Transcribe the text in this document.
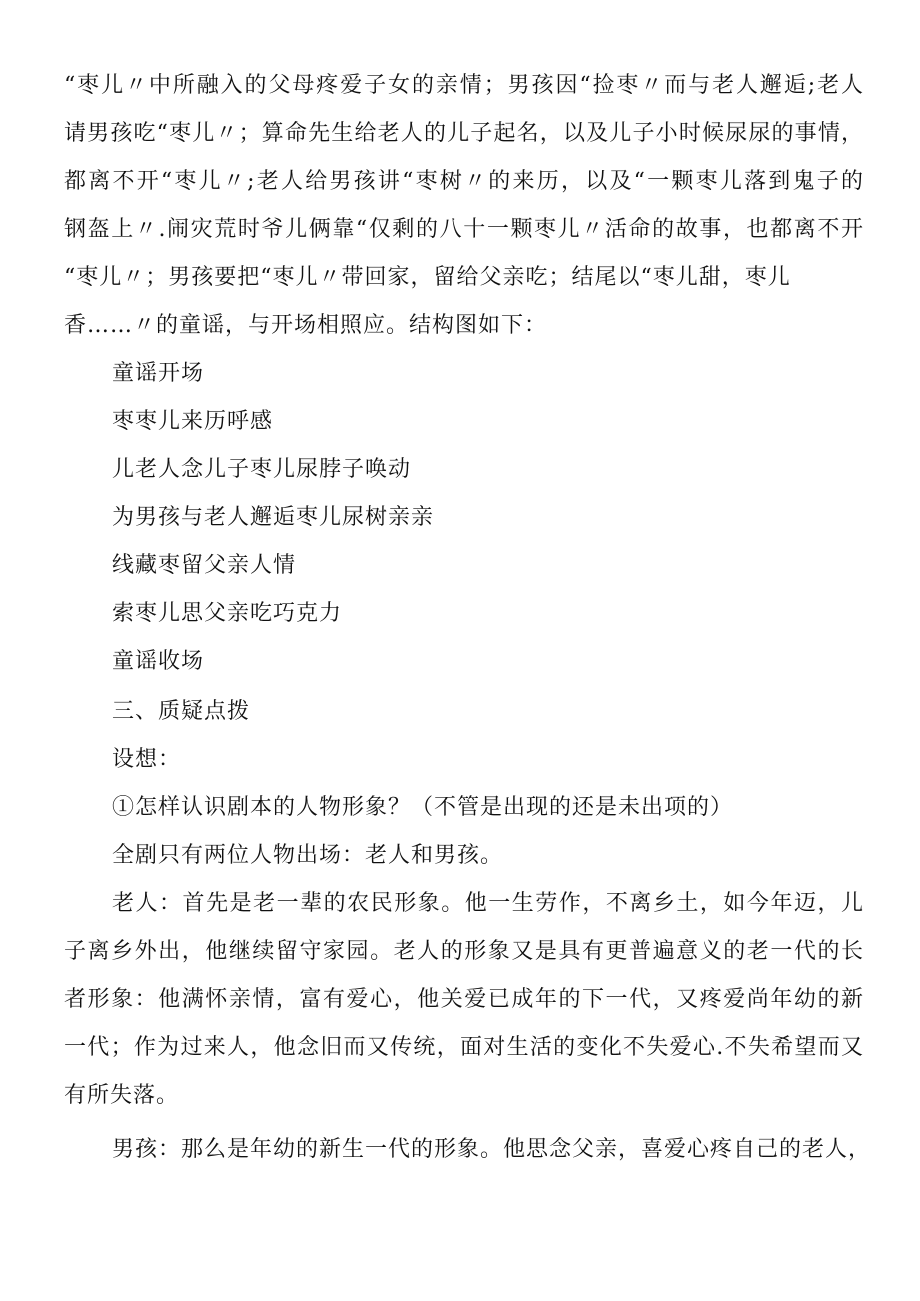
“枣儿〃中所融入的父母疼爱子女的亲情；男孩因“捡枣〃而与老人邂逅;老人
请男孩吃“枣儿〃；算命先生给老人的儿子起名，以及儿子小时候尿尿的事情，
都离不开“枣儿〃;老人给男孩讲“枣树〃的来历，以及“一颗枣儿落到鬼子的
钢盔上〃.闹灾荒时爷儿俩靠“仅剩的八十一颗枣儿〃活命的故事，也都离不开
“枣儿〃；男孩要把“枣儿〃带回家，留给父亲吃；结尾以“枣儿甜，枣儿
香……〃的童谣，与开场相照应。结构图如下：
童谣开场
枣枣儿来历呼感
儿老人念儿子枣儿尿脖子唤动
为男孩与老人邂逅枣儿尿树亲亲
线藏枣留父亲人情
索枣儿思父亲吃巧克力
童谣收场
三、质疑点拨
设想：
①怎样认识剧本的人物形象？（不管是出现的还是未出项的）
全剧只有两位人物出场：老人和男孩。
老人：首先是老一辈的农民形象。他一生劳作，不离乡土，如今年迈，儿
子离乡外出，他继续留守家园。老人的形象又是具有更普遍意义的老一代的长
者形象：他满怀亲情，富有爱心，他关爱已成年的下一代，又疼爱尚年幼的新
一代；作为过来人，他念旧而又传统，面对生活的变化不失爱心.不失希望而又
有所失落。
男孩：那么是年幼的新生一代的形象。他思念父亲，喜爱心疼自己的老人，
